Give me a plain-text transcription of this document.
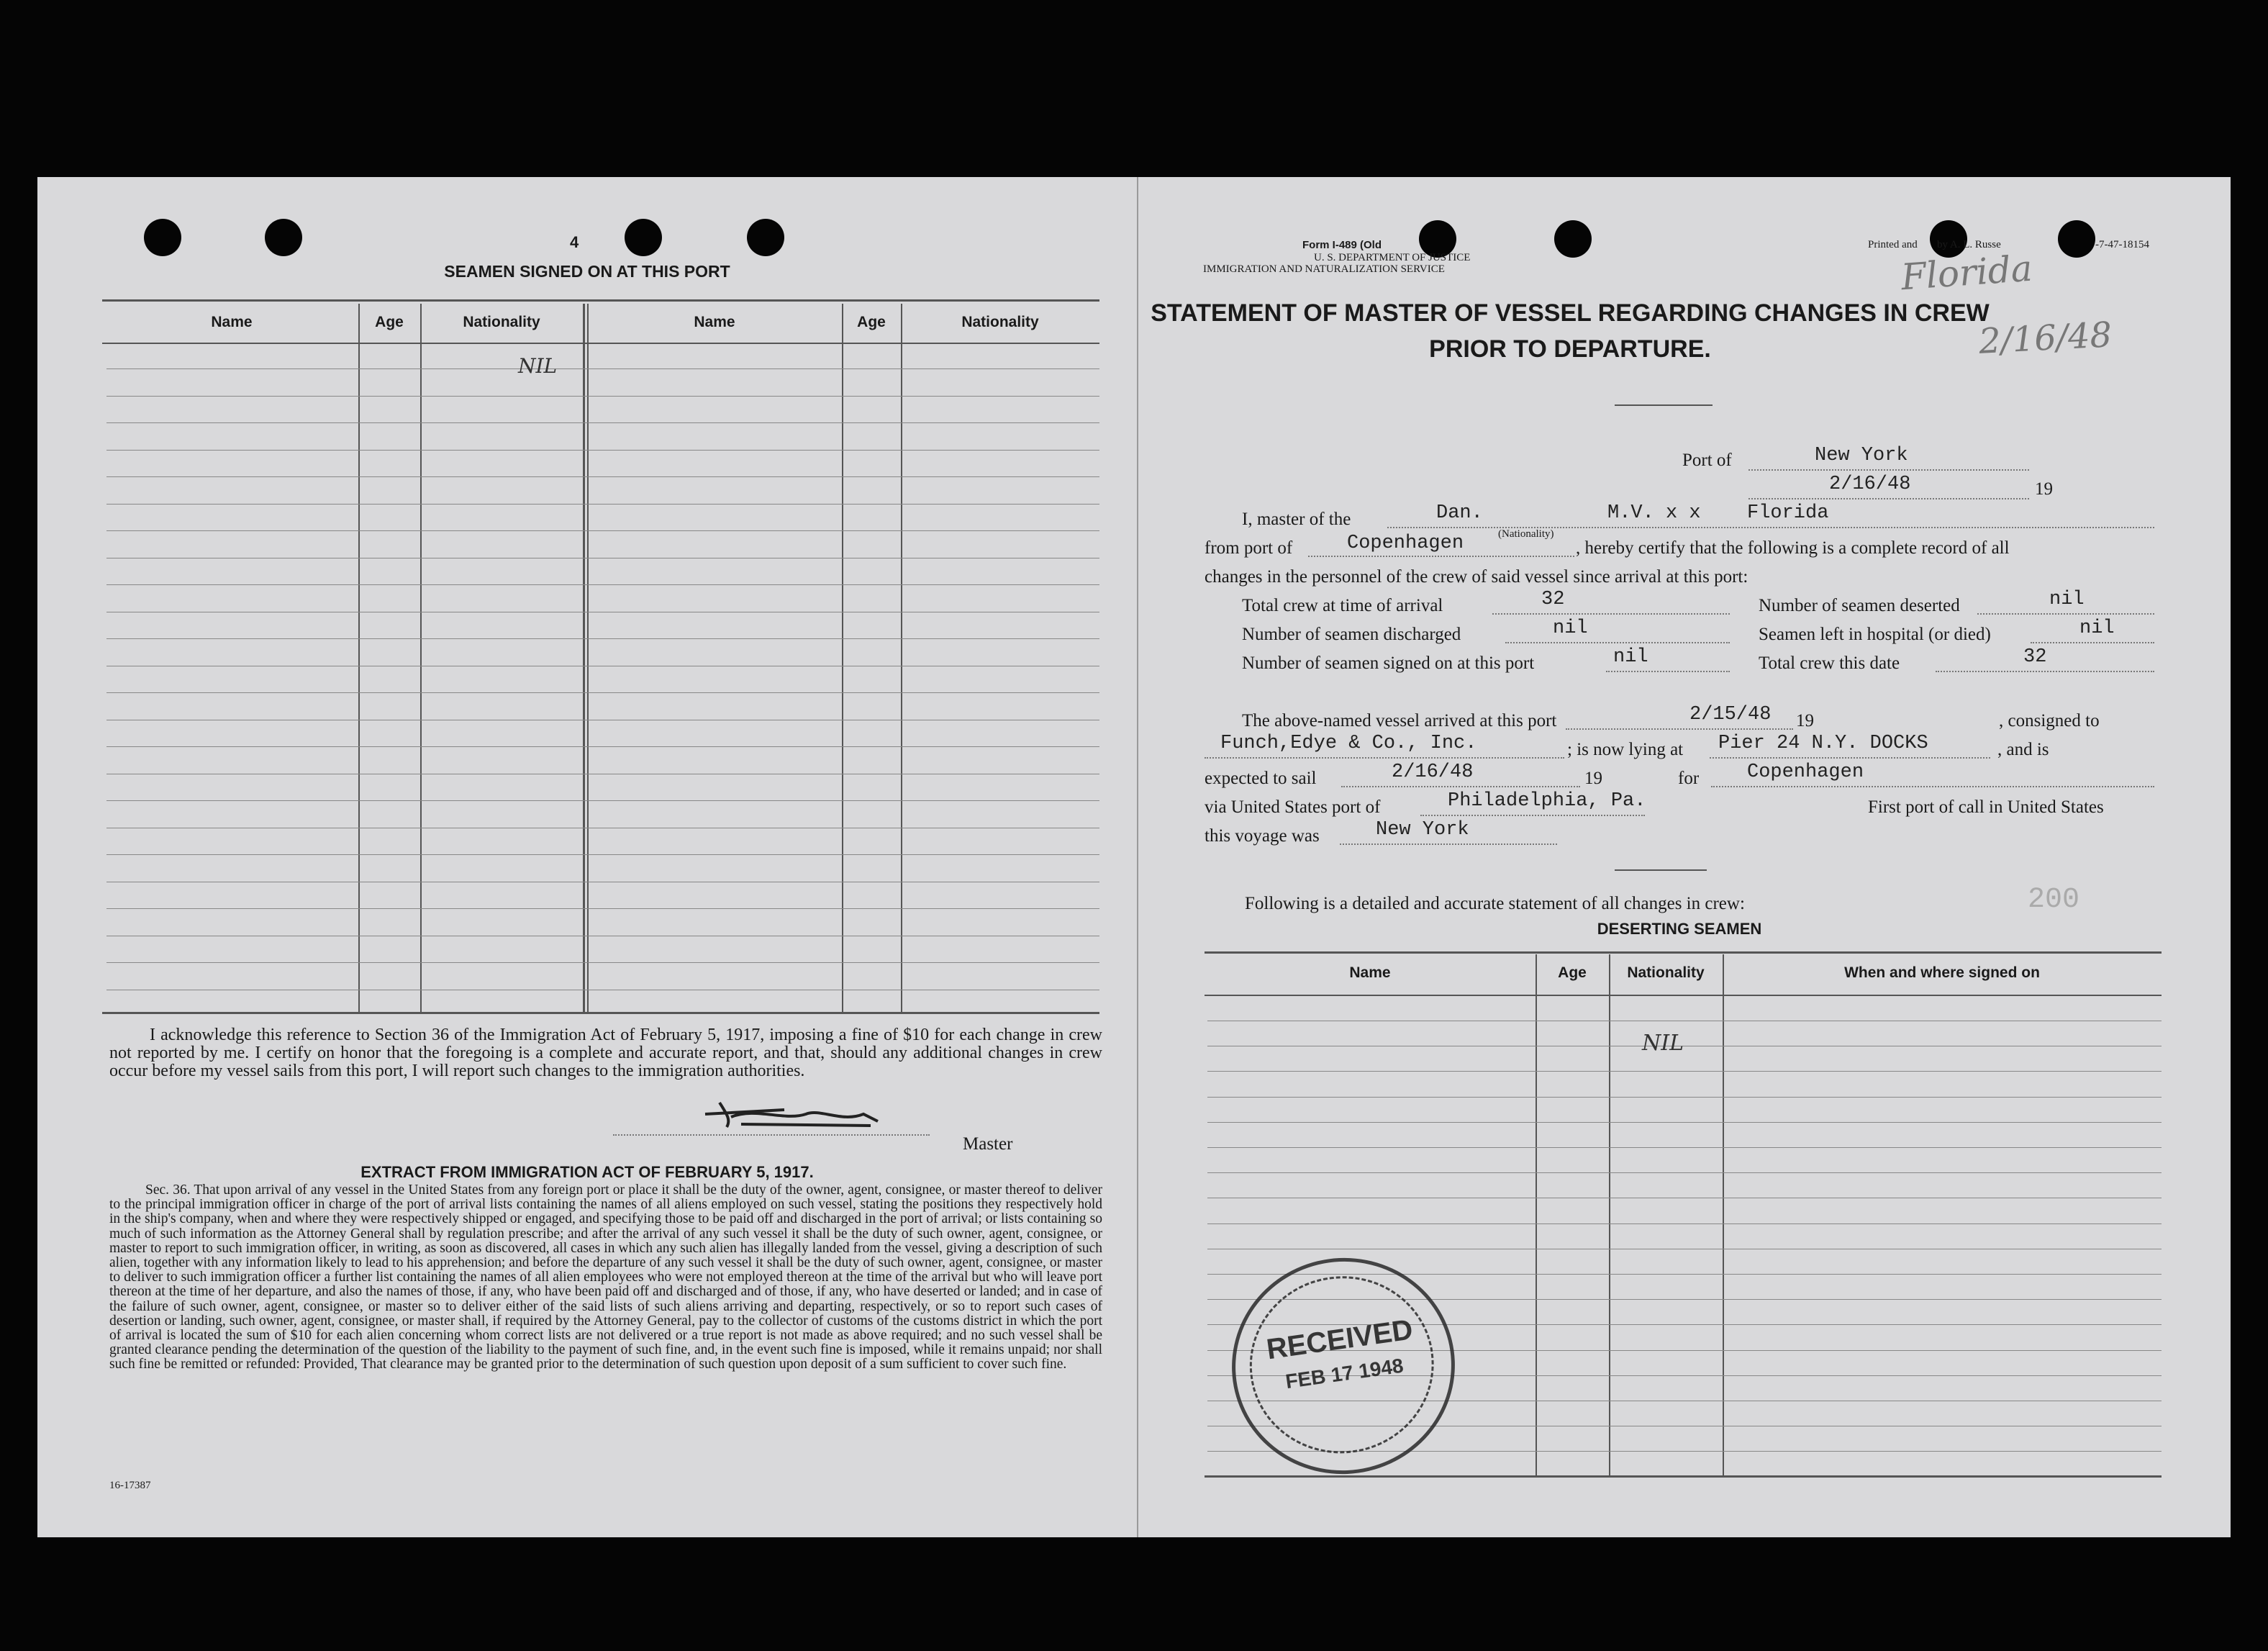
4
SEAMEN SIGNED ON AT THIS PORT
Name	Age	Nationality	Name	Age	Nationality
NIL
I acknowledge this reference to Section 36 of the Immigration Act of February 5, 1917, imposing a fine of $10 for each change in crew not reported by me. I certify on honor that the foregoing is a complete and accurate report, and that, should any additional changes in crew occur before my vessel sails from this port, I will report such changes to the immigration authorities.
Master
EXTRACT FROM IMMIGRATION ACT OF FEBRUARY 5, 1917.
Sec. 36. That upon arrival of any vessel in the United States from any foreign port or place it shall be the duty of the owner, agent, consignee, or master thereof to deliver to the principal immigration officer in charge of the port of arrival lists containing the names of all aliens employed on such vessel, stating the positions they respectively hold in the ship's company, when and where they were respectively shipped or engaged, and specifying those to be paid off and discharged in the port of arrival; or lists containing so much of such information as the Attorney General shall by regulation prescribe; and after the arrival of any such vessel it shall be the duty of such owner, agent, consignee, or master to report to such immigration officer, in writing, as soon as discovered, all cases in which any such alien has illegally landed from the vessel, giving a description of such alien, together with any information likely to lead to his apprehension; and before the departure of any such vessel it shall be the duty of such owner, agent, consignee, or master to deliver to such immigration officer a further list containing the names of all alien employees who were not employed thereon at the time of the arrival but who will leave port thereon at the time of her departure, and also the names of those, if any, who have been paid off and discharged and of those, if any, who have deserted or landed; and in case of the failure of such owner, agent, consignee, or master so to deliver either of the said lists of such aliens arriving and departing, respectively, or so to report such cases of desertion or landing, such owner, agent, consignee, or master shall, if required by the Attorney General, pay to the collector of customs of the customs district in which the port of arrival is located the sum of $10 for each alien concerning whom correct lists are not delivered or a true report is not made as above required; and no such vessel shall be granted clearance pending the determination of the question of the liability to the payment of such fine, and, in the event such fine is imposed, while it remains unpaid; nor shall such fine be remitted or refunded: Provided, That clearance may be granted prior to the determination of such question upon deposit of a sum sufficient to cover such fine.
16-17387
Form I-489 (Old
U. S. DEPARTMENT OF JUSTICE
IMMIGRATION AND NATURALIZATION SERVICE
Printed and by A. L. Russe	-7-47-18154
Florida
2/16/48
STATEMENT OF MASTER OF VESSEL REGARDING CHANGES IN CREW
PRIOR TO DEPARTURE.
Port of	New York
2/16/48	19
I, master of the	Dan.	M.V. x x Florida
(Nationality)
from port of	Copenhagen	, hereby certify that the following is a complete record of all
changes in the personnel of the crew of said vessel since arrival at this port:
Total crew at time of arrival	32	Number of seamen deserted	nil
Number of seamen discharged	nil	Seamen left in hospital (or died)	nil
Number of seamen signed on at this port	nil	Total crew this date	32
The above-named vessel arrived at this port	2/15/48 19	, consigned to
Funch,Edye & Co., Inc.	; is now lying at Pier 24 N.Y. DOCKS	, and is
expected to sail	2/16/48	19	for Copenhagen
via United States port of	Philadelphia, Pa.	First port of call in United States
this voyage was	New York
Following is a detailed and accurate statement of all changes in crew:	200
DESERTING SEAMEN
Name	Age	Nationality	When and where signed on
NIL
RECEIVED
FEB 17 1948
